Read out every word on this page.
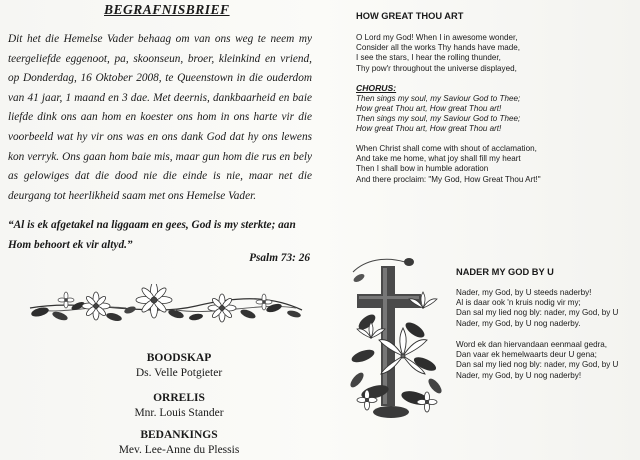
BEGRAFNISBRIEF

Dit het die Hemelse Vader behaag om van ons weg te neem my teergeliefde eggenoot, pa, skoonseun, broer, kleinkind en vriend, op Donderdag, 16 Oktober 2008, te Queenstown in die ouderdom van 41 jaar, 1 maand en 3 dae. Met deernis, dankbaarheid en baie liefde dink ons aan hom en koester ons hom in ons harte vir die voorbeeld wat hy vir ons was en ons dank God dat hy ons lewens kon verryk. Ons gaan hom baie mis, maar gun hom die rus en bely as gelowiges dat die dood nie die einde is nie, maar net die deurgang tot heerlikheid saam met ons Hemelse Vader.

“Al is ek afgetakel na liggaam en gees, God is my sterkte; aan Hom behoort ek vir altyd.”

Psalm 73: 26
BOODSKAP
Ds. Velle Potgieter
ORRELIS
Mnr. Louis Stander
BEDANKINGS
Mev. Lee-Anne du Plessis
HOW GREAT THOU ART
O Lord my God! When I in awesome wonder,
Consider all the works Thy hands have made,
I see the stars, I hear the rolling thunder,
Thy pow'r throughout the universe displayed,
CHORUS:
Then sings my soul, my Saviour God to Thee;
How great Thou art, How great Thou art!
Then sings my soul, my Saviour God to Thee;
How great Thou art, How great Thou art!
When Christ shall come with shout of acclamation,
And take me home, what joy shall fill my heart
Then I shall bow in humble adoration
And there proclaim: "My God, How Great Thou Art!"
NADER MY GOD BY U
Nader, my God, by U steeds naderby!
Al is daar ook 'n kruis nodig vir my;
Dan sal my lied nog bly: nader, my God, by U
Nader, my God, by U nog naderby.
Word ek dan hiervandaan eenmaal gedra,
Dan vaar ek hemelwaarts deur U gena;
Dan sal my lied nog bly: nader, my God, by U
Nader, my God, by U nog naderby!
